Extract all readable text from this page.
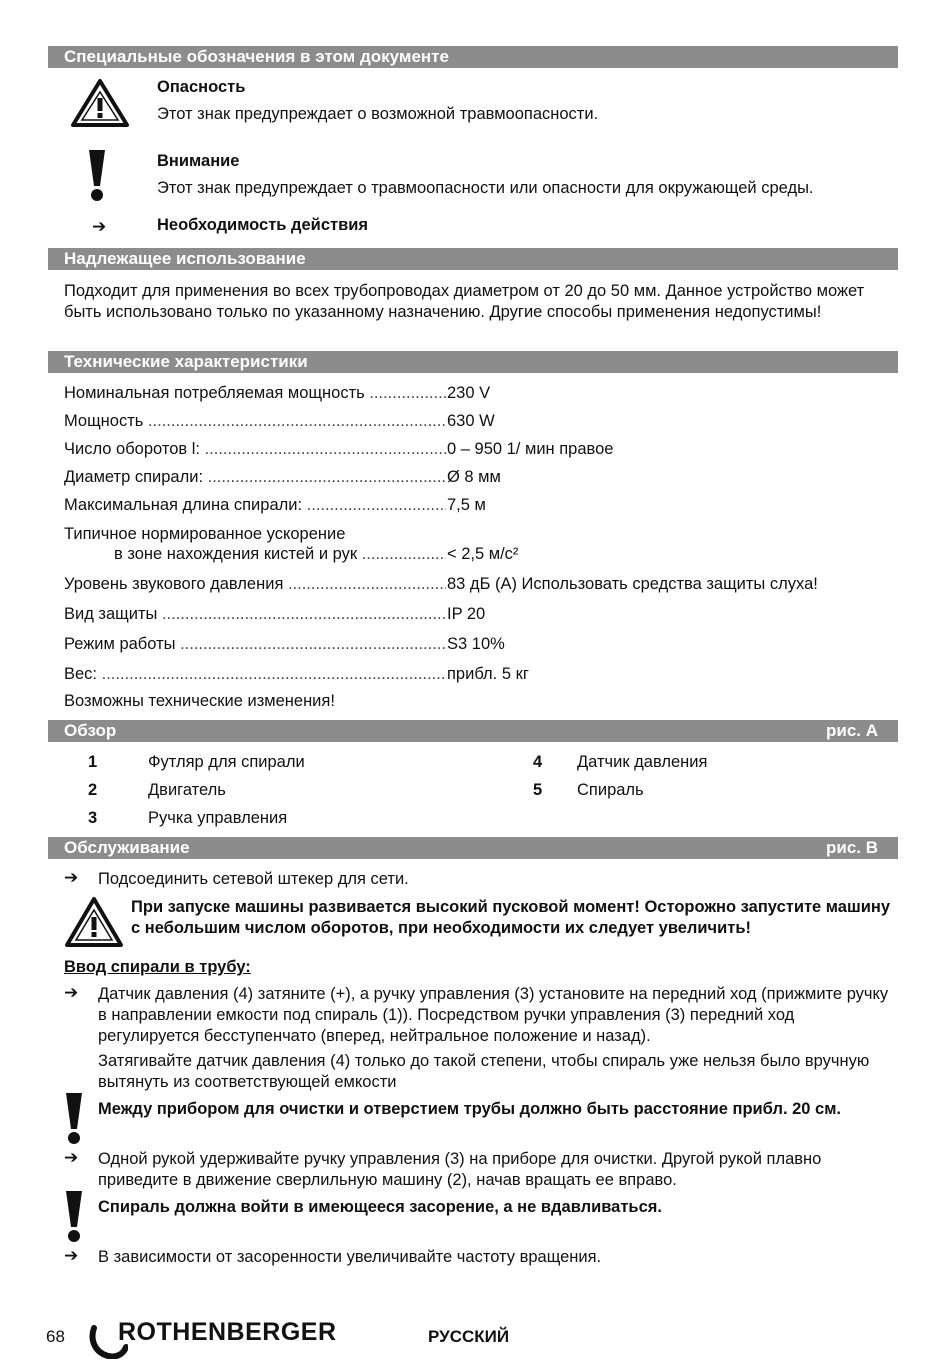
Специальные обозначения в этом документе
Опасность
Этот знак предупреждает о возможной травмоопасности.
Внимание
Этот знак предупреждает о травмоопасности или опасности для окружающей среды.
➔	Необходимость действия
Надлежащее использование
Подходит для применения во всех трубопроводах диаметром от 20 до 50 мм. Данное устройство может быть использовано только по указанному назначению. Другие способы применения недопустимы!
Технические характеристики
Номинальная потребляемая мощность .....	230 V
Мощность .....	630 W
Число оборотов l: .....	0 – 950 1/ мин правое
Диаметр спирали: .....	Ø 8 мм
Максимальная длина спирали: .....	7,5 м
Типичное нормированное ускорение
в зоне нахождения кистей и рук .....	< 2,5 м/с²
Уровень звукового давления .....	83 дБ (A) Использовать средства защиты слуха!
Вид защиты .....	IP 20
Режим работы .....	S3 10%
Вес: .....	прибл. 5 кг
Возможны технические изменения!
Обзор	рис. A
1	Футляр для спирали
2	Двигатель
3	Ручка управления
4 Датчик давления
5 Спираль
Обслуживание	рис. B
➔ Подсоединить сетевой штекер для сети.
При запуске машины развивается высокий пусковой момент! Осторожно запустите машину с небольшим числом оборотов, при необходимости их следует увеличить!
Ввод спирали в трубу:
➔ Датчик давления (4) затяните (+), а ручку управления (3) установите на передний ход (прижмите ручку в направлении емкости под спираль (1)). Посредством ручки управления (3) передний ход регулируется бесступенчато (вперед, нейтральное положение и назад).
Затягивайте датчик давления (4) только до такой степени, чтобы спираль уже нельзя было вручную вытянуть из соответствующей емкости
Между прибором для очистки и отверстием трубы должно быть расстояние прибл. 20 см.
➔ Одной рукой удерживайте ручку управления (3) на приборе для очистки. Другой рукой плавно приведите в движение сверлильную машину (2), начав вращать ее вправо.
Спираль должна войти в имеющееся засорение, а не вдавливаться.
➔ В зависимости от засоренности увеличивайте частоту вращения.
68 ROTHENBERGER	РУССКИЙ
